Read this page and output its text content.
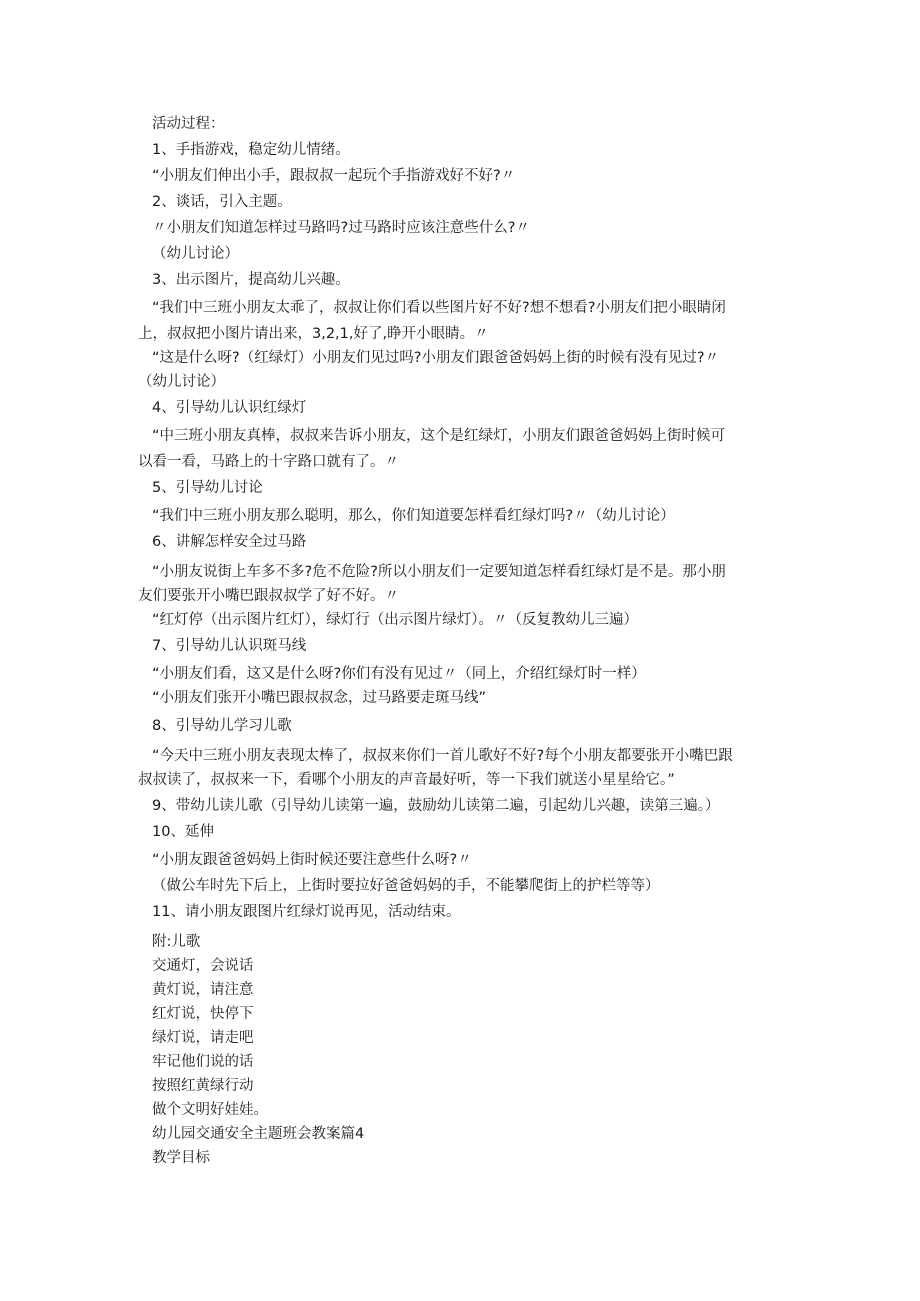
活动过程：
1、手指游戏，稳定幼儿情绪。
“小朋友们伸出小手，跟叔叔一起玩个手指游戏好不好?〃
2、谈话，引入主题。
〃小朋友们知道怎样过马路吗?过马路时应该注意些什么?〃
（幼儿讨论）
3、出示图片，提高幼儿兴趣。
“我们中三班小朋友太乖了，叔叔让你们看以些图片好不好?想不想看?小朋友们把小眼睛闭
上，叔叔把小图片请出来，3,2,1,好了,睁开小眼睛。〃
“这是什么呀?（红绿灯）小朋友们见过吗?小朋友们跟爸爸妈妈上街的时候有没有见过?〃
（幼儿讨论）
4、引导幼儿认识红绿灯
“中三班小朋友真棒，叔叔来告诉小朋友，这个是红绿灯，小朋友们跟爸爸妈妈上街时候可
以看一看，马路上的十字路口就有了。〃
5、引导幼儿讨论
“我们中三班小朋友那么聪明，那么，你们知道要怎样看红绿灯吗?〃（幼儿讨论）
6、讲解怎样安全过马路
“小朋友说街上车多不多?危不危险?所以小朋友们一定要知道怎样看红绿灯是不是。那小朋
友们要张开小嘴巴跟叔叔学了好不好。〃
“红灯停（出示图片红灯），绿灯行（出示图片绿灯）。〃（反复教幼儿三遍）
7、引导幼儿认识斑马线
“小朋友们看，这又是什么呀?你们有没有见过〃（同上，介绍红绿灯时一样）
“小朋友们张开小嘴巴跟叔叔念，过马路要走斑马线”
8、引导幼儿学习儿歌
“今天中三班小朋友表现太棒了，叔叔来你们一首儿歌好不好?每个小朋友都要张开小嘴巴跟
叔叔读了，叔叔来一下，看哪个小朋友的声音最好听，等一下我们就送小星星给它。”
9、带幼儿读儿歌（引导幼儿读第一遍，鼓励幼儿读第二遍，引起幼儿兴趣，读第三遍。）
10、延伸
“小朋友跟爸爸妈妈上街时候还要注意些什么呀?〃
（做公车时先下后上，上街时要拉好爸爸妈妈的手，不能攀爬街上的护栏等等）
11、请小朋友跟图片红绿灯说再见，活动结束。
附:儿歌
交通灯，会说话
黄灯说，请注意
红灯说，快停下
绿灯说，请走吧
牢记他们说的话
按照红黄绿行动
做个文明好娃娃。
幼儿园交通安全主题班会教案篇4
教学目标
